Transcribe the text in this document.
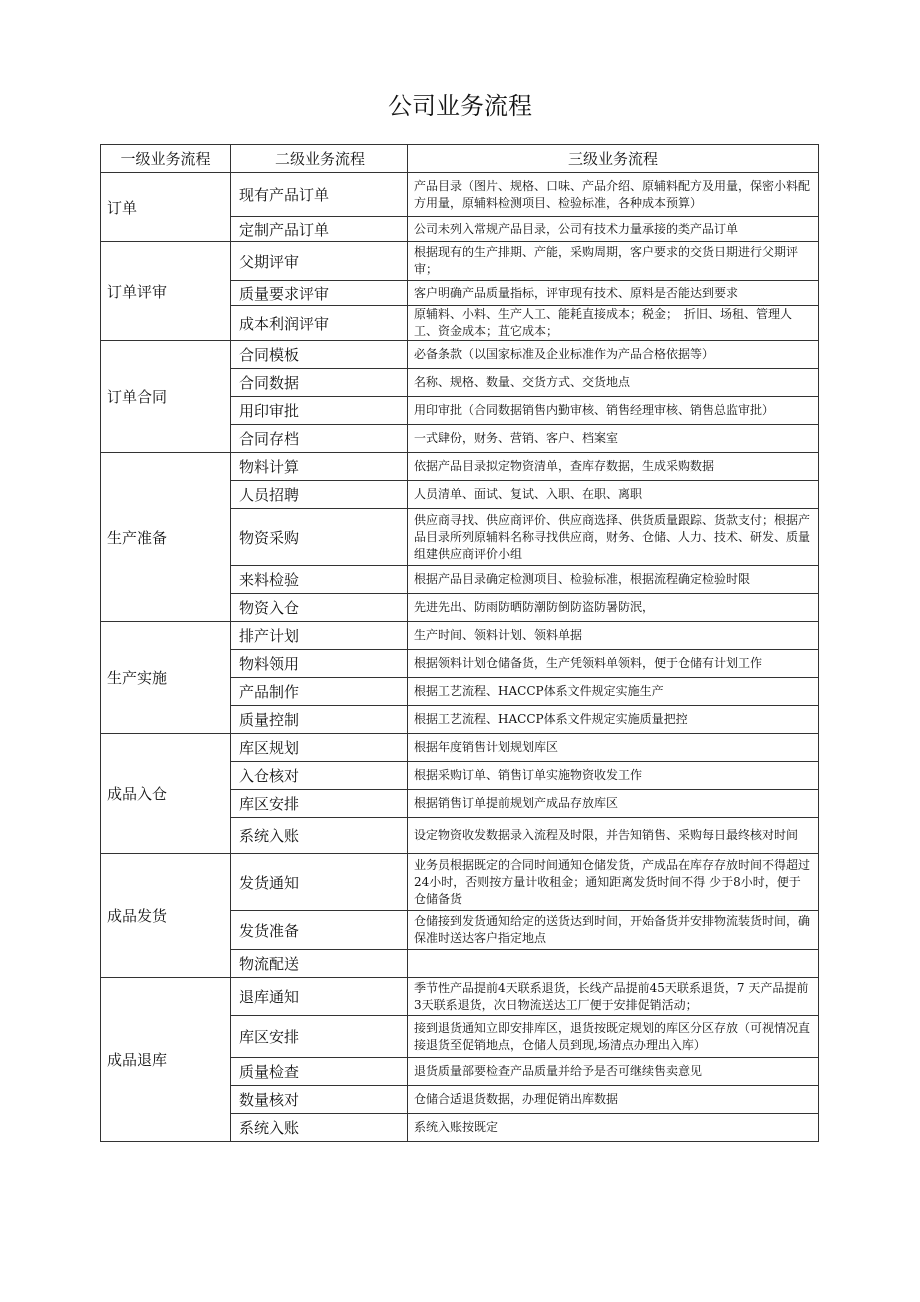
公司业务流程
一级业务流程	二级业务流程	三级业务流程
订单	现有产品订单	产品目录（图片、规格、口味、产品介绍、原辅料配方及用量，保密小料配方用量，原辅料检测项目、检验标准，各种成本预算）
	定制产品订单	公司未列入常规产品目录，公司有技术力量承接的类产品订单
订单评审	父期评审	根据现有的生产排期、产能，采购周期，客户要求的交货日期进行父期评审；
	质量要求评审	客户明确产品质量指标，评审现有技术、原料是否能达到要求
	成本利润评审	原辅料、小料、生产人工、能耗直接成本；税金；　折旧、场租、管理人工、资金成本；苴它成本；
订单合同	合同模板	必备条款（以国家标准及企业标准作为产品合格依据等）
	合同数据	名称、规格、数量、交货方式、交货地点
	用印审批	用印审批（合同数据销售内勤审核、销售经理审核、销售总监审批）
	合同存档	一式肆份，财务、营销、客户、档案室
生产准备	物料计算	依据产品目录拟定物资清单，查库存数据，生成采购数据
	人员招聘	人员清单、面试、复试、入职、在职、离职
	物资采购	供应商寻找、供应商评价、供应商选择、供货质量跟踪、货款支付；根据产品目录所列原辅料名称寻找供应商，财务、仓储、人力、技术、研发、质量组建供应商评价小组
	来料检验	根据产品目录确定检测项目、检验标准，根据流程确定检验时限
	物资入仓	先进先出、防雨防晒防潮防倒防盗防暑防泯，
生产实施	排产计划	生产时间、领料计划、领料单据
	物料领用	根据领料计划仓储备货，生产凭领料单领料，便于仓储有计划工作
	产品制作	根据工艺流程、HACCP体系文件规定实施生产
	质量控制	根据工艺流程、HACCP体系文件规定实施质量把控
成品入仓	库区规划	根据年度销售计划规划库区
	入仓核对	根据采购订单、销售订单实施物资收发工作
	库区安排	根据销售订单提前规划产成品存放库区
	系统入账	设定物资收发数据录入流程及时限，并告知销售、采购每日最终核对时间
成品发货	发货通知	业务员根据既定的合同时间通知仓储发货，产成品在库存存放时间不得超过24小时，否则按方量计收租金；通知距离发货时间不得 少于8小时，便于仓储备货
	发货准备	仓储接到发货通知给定的送货达到时间，开始备货并安排物流装货时间，确保准时送达客户指定地点
	物流配送	
成品退库	退库通知	季节性产品提前4天联系退货，长线产品提前45天联系退货，7 天产品提前3天联系退货，次日物流送达工厂便于安排促销活动；
	库区安排	接到退货通知立即安排库区，退货按既定规划的库区分区存放（可视情况直接退货至促销地点，仓储人员到现,场清点办理出入库）
	质量检查	退货质量部要检查产品质量并给予是否可继续售卖意见
	数量核对	仓储合适退货数据，办理促销出库数据
	系统入账	系统入账按既定
